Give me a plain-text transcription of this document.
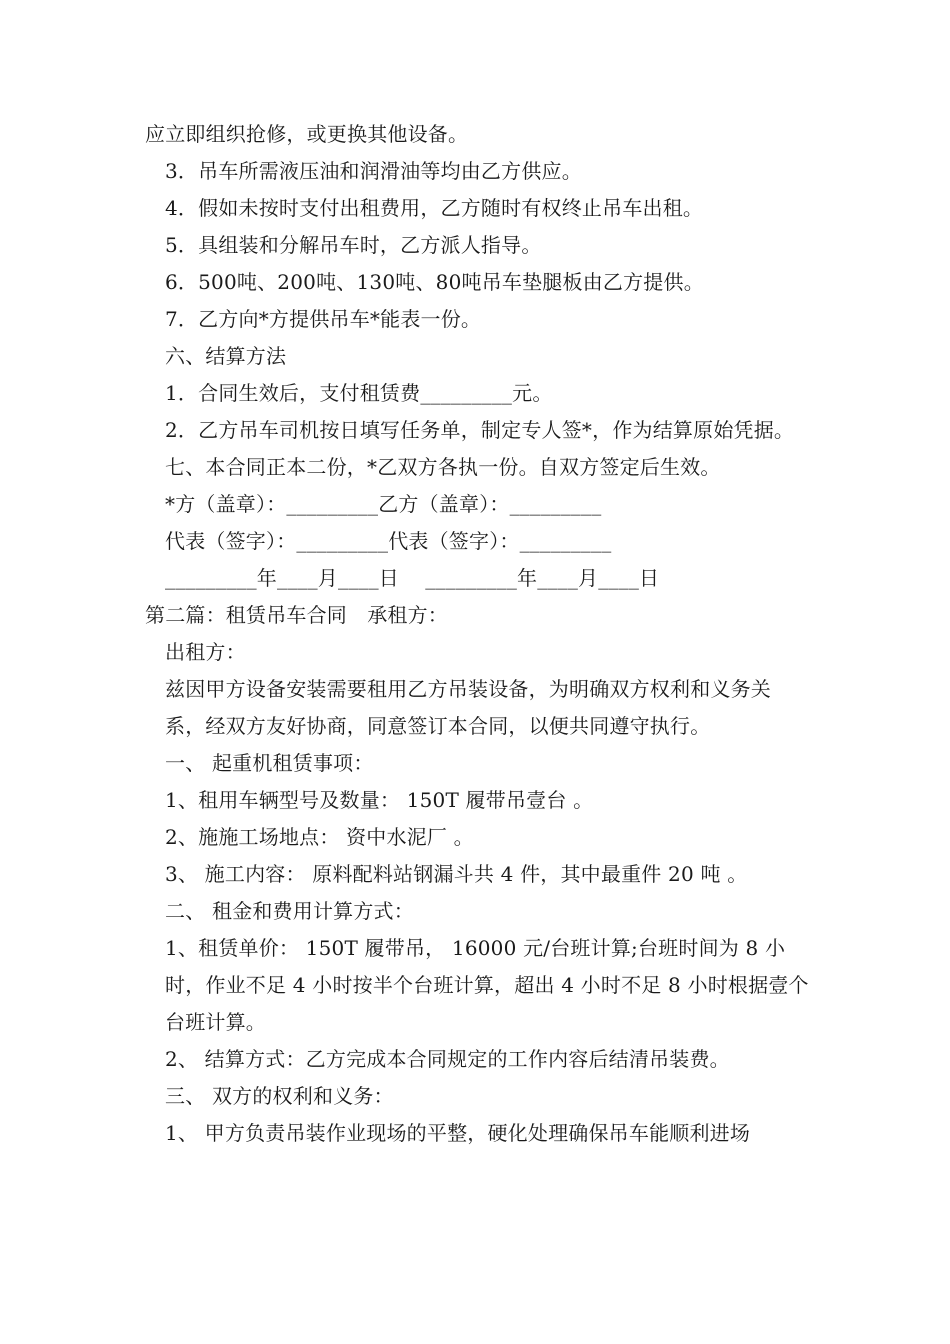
应立即组织抢修，或更换其他设备。

3．吊车所需液压油和润滑油等均由乙方供应。

4．假如未按时支付出租费用，乙方随时有权终止吊车出租。

5．具组装和分解吊车时，乙方派人指导。

6．500吨、200吨、130吨、80吨吊车垫腿板由乙方提供。

7．乙方向*方提供吊车*能表一份。

六、结算方法

1．合同生效后，支付租赁费_________元。

2．乙方吊车司机按日填写任务单，制定专人签*，作为结算原始凭据。

七、本合同正本二份，*乙双方各执一份。自双方签定后生效。

*方（盖章）：_________乙方（盖章）：_________

代表（签字）：_________代表（签字）：_________

_________年____月____日    _________年____月____日

第二篇：租赁吊车合同　承租方：

出租方：

兹因甲方设备安装需要租用乙方吊装设备，为明确双方权利和义务关系，经双方友好协商，同意签订本合同，以便共同遵守执行。

一、 起重机租赁事项：

1、租用车辆型号及数量： 150T 履带吊壹台 。

2、施施工场地点： 资中水泥厂 。

3、 施工内容： 原料配料站钢漏斗共 4 件，其中最重件 20 吨 。

二、 租金和费用计算方式：

1、租赁单价： 150T 履带吊， 16000 元/台班计算;台班时间为 8 小时，作业不足 4 小时按半个台班计算，超出 4 小时不足 8 小时根据壹个台班计算。

2、 结算方式：乙方完成本合同规定的工作内容后结清吊装费。

三、 双方的权利和义务：

1、 甲方负责吊装作业现场的平整，硬化处理确保吊车能顺利进场
